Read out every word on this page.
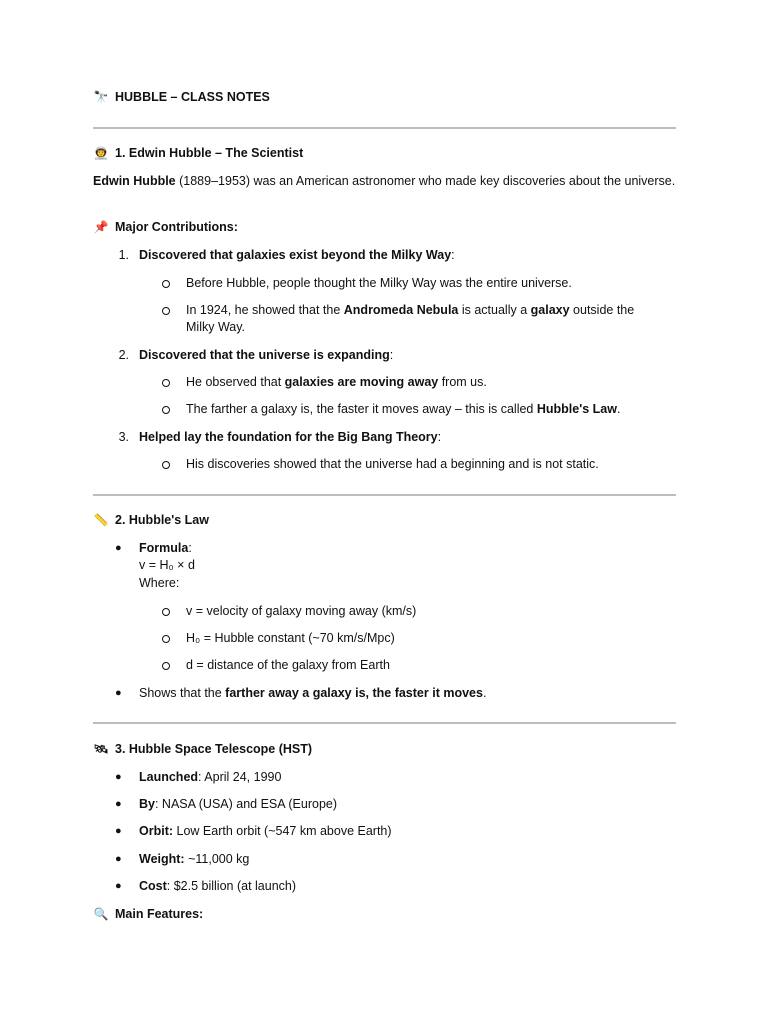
🔭 HUBBLE – CLASS NOTES
👨‍🚀 1. Edwin Hubble – The Scientist
Edwin Hubble (1889–1953) was an American astronomer who made key discoveries about the universe.
📌 Major Contributions:
1. Discovered that galaxies exist beyond the Milky Way:
Before Hubble, people thought the Milky Way was the entire universe.
In 1924, he showed that the Andromeda Nebula is actually a galaxy outside the Milky Way.
2. Discovered that the universe is expanding:
He observed that galaxies are moving away from us.
The farther a galaxy is, the faster it moves away – this is called Hubble's Law.
3. Helped lay the foundation for the Big Bang Theory:
His discoveries showed that the universe had a beginning and is not static.
📏 2. Hubble's Law
● Formula:
v = H₀ × d
Where:
v = velocity of galaxy moving away (km/s)
H₀ = Hubble constant (~70 km/s/Mpc)
d = distance of the galaxy from Earth
● Shows that the farther away a galaxy is, the faster it moves.
🛰 3. Hubble Space Telescope (HST)
● Launched: April 24, 1990
● By: NASA (USA) and ESA (Europe)
● Orbit: Low Earth orbit (~547 km above Earth)
● Weight: ~11,000 kg
● Cost: $2.5 billion (at launch)
🔍 Main Features:
